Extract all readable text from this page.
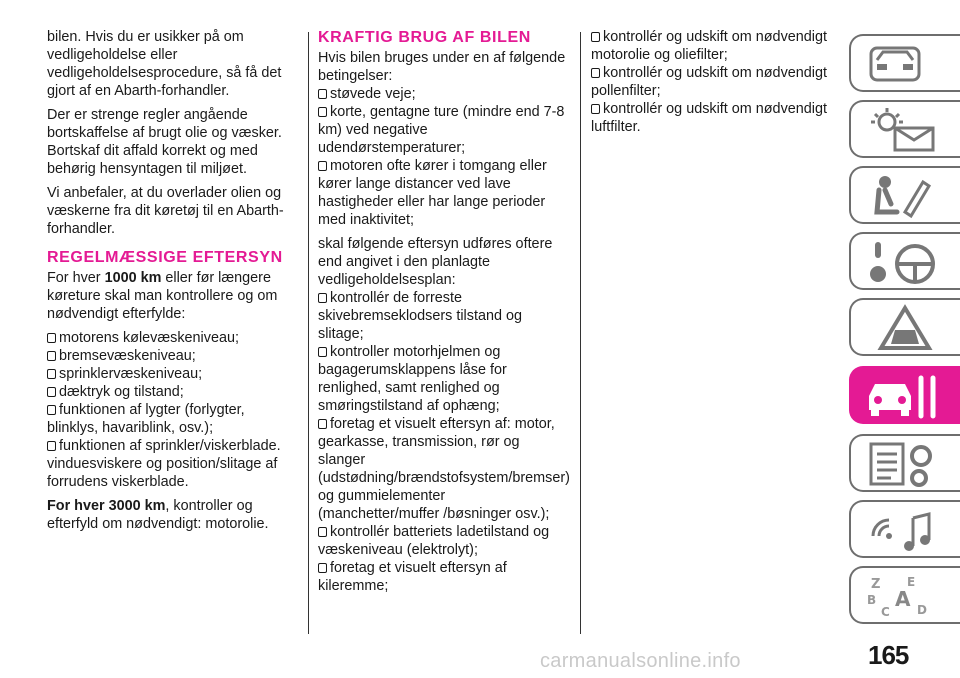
bilen. Hvis du er usikker på om vedligeholdelse eller vedligeholdelsesprocedure, så få det gjort af en Abarth-forhandler.

Der er strenge regler angående bortskaffelse af brugt olie og væsker. Bortskaf dit affald korrekt og med behørig hensyntagen til miljøet.

Vi anbefaler, at du overlader olien og væskerne fra dit køretøj til en Abarth-forhandler.

REGELMÆSSIGE EFTERSYN

For hver 1000 km eller før længere køreture skal man kontrollere og om nødvendigt efterfylde:

motorens kølevæskeniveau;
bremsevæskeniveau;
sprinklervæskeniveau;
dæktryk og tilstand;
funktionen af lygter (forlygter, blinklys, havariblink, osv.);
funktionen af sprinkler/viskerblade. vinduesviskere og position/slitage af forrudens viskerblade.

For hver 3000 km, kontroller og efterfyld om nødvendigt: motorolie.

KRAFTIG BRUG AF BILEN

Hvis bilen bruges under en af følgende betingelser:

støvede veje;
korte, gentagne ture (mindre end 7-8 km) ved negative udendørstemperaturer;
motoren ofte kører i tomgang eller kører lange distancer ved lave hastigheder eller har lange perioder med inaktivitet;

skal følgende eftersyn udføres oftere end angivet i den planlagte vedligeholdelsesplan:

kontrollér de forreste skivebremseklodsers tilstand og slitage;
kontroller motorhjelmen og bagagerumsklappens låse for renlighed, samt renlighed og smøringstilstand af ophæng;
foretag et visuelt eftersyn af: motor, gearkasse, transmission, rør og slanger (udstødning/brændstofsystem/bremser) og gummielementer (manchetter/muffer /bøsninger osv.);
kontrollér batteriets ladetilstand og væskeniveau (elektrolyt);
foretag et visuelt eftersyn af kileremme;
kontrollér og udskift om nødvendigt motorolie og oliefilter;
kontrollér og udskift om nødvendigt pollenfilter;
kontrollér og udskift om nødvendigt luftfilter.
Z E
B A D
C
165
carmanualsonline.info
